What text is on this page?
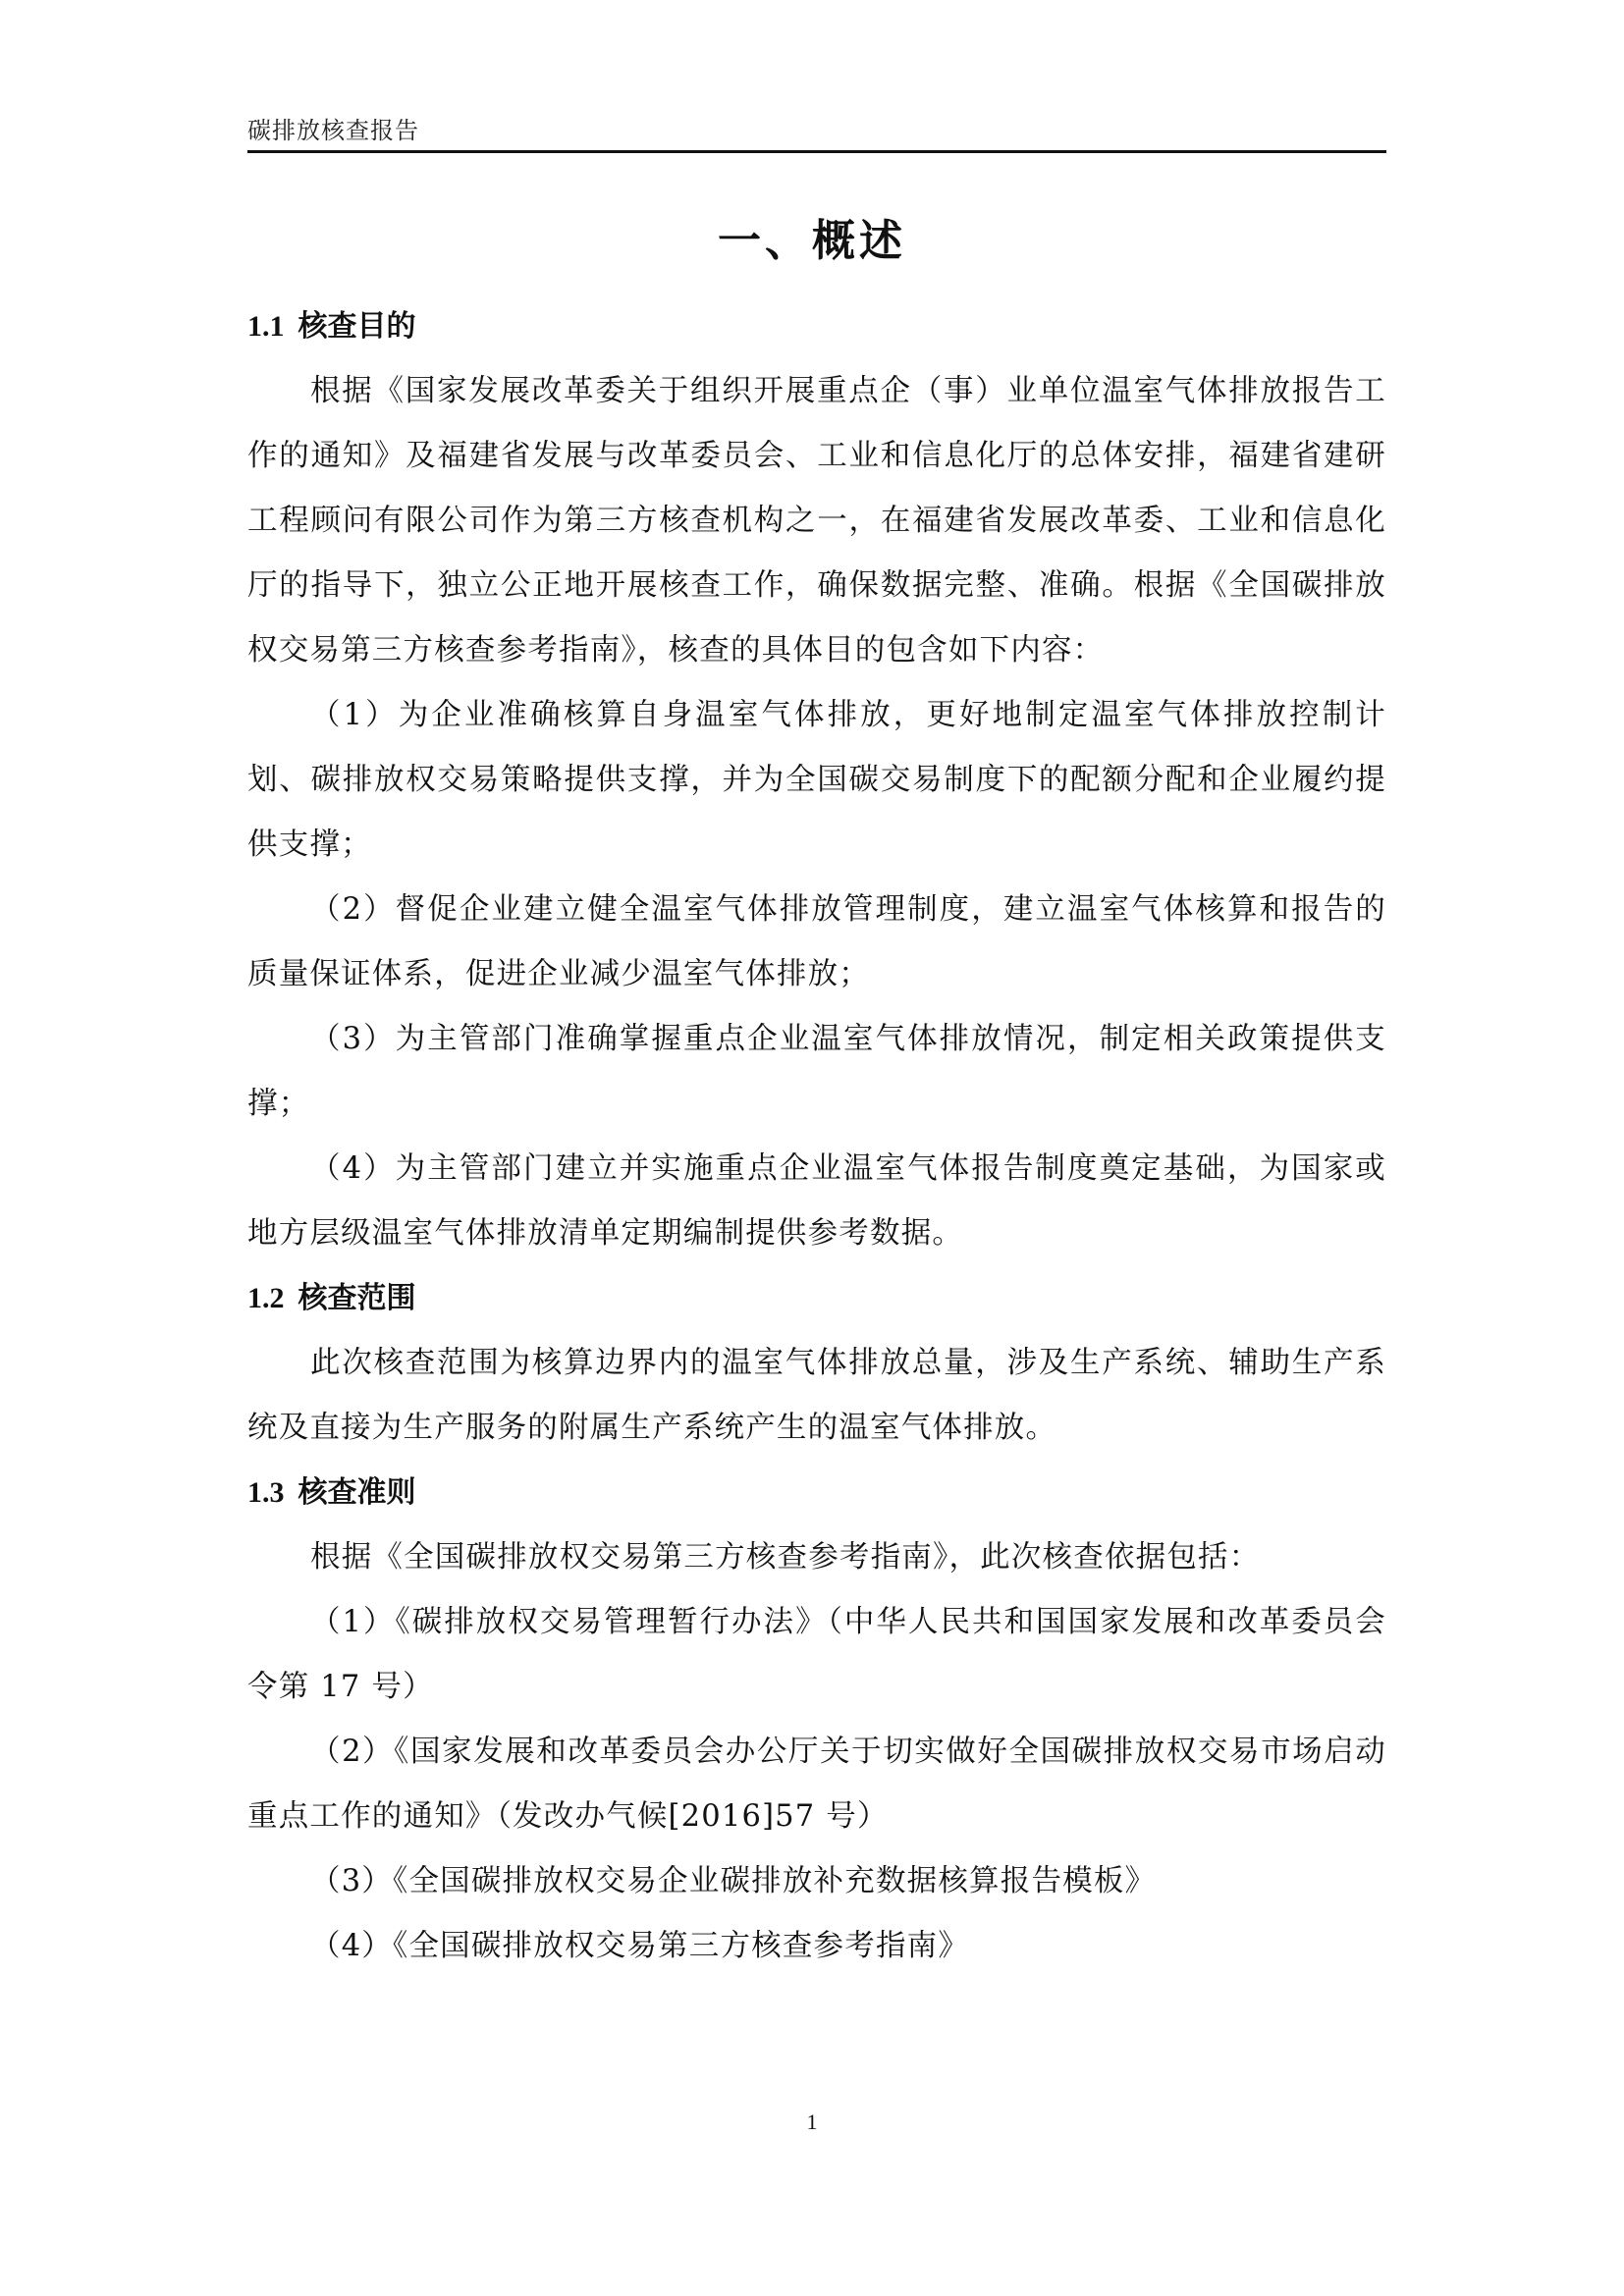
碳排放核查报告
一、概述

1.1 核查目的

根据《国家发展改革委关于组织开展重点企（事）业单位温室气体排放报告工作的通知》及福建省发展与改革委员会、工业和信息化厅的总体安排，福建省建研工程顾问有限公司作为第三方核查机构之一，在福建省发展改革委、工业和信息化厅的指导下，独立公正地开展核查工作，确保数据完整、准确。根据《全国碳排放权交易第三方核查参考指南》，核查的具体目的包含如下内容：

（1）为企业准确核算自身温室气体排放，更好地制定温室气体排放控制计划、碳排放权交易策略提供支撑，并为全国碳交易制度下的配额分配和企业履约提供支撑；

（2）督促企业建立健全温室气体排放管理制度，建立温室气体核算和报告的质量保证体系，促进企业减少温室气体排放；

（3）为主管部门准确掌握重点企业温室气体排放情况，制定相关政策提供支撑；

（4）为主管部门建立并实施重点企业温室气体报告制度奠定基础，为国家或地方层级温室气体排放清单定期编制提供参考数据。

1.2 核查范围

此次核查范围为核算边界内的温室气体排放总量，涉及生产系统、辅助生产系统及直接为生产服务的附属生产系统产生的温室气体排放。

1.3 核查准则

根据《全国碳排放权交易第三方核查参考指南》，此次核查依据包括：

（1）《碳排放权交易管理暂行办法》（中华人民共和国国家发展和改革委员会令第 17 号）

（2）《国家发展和改革委员会办公厅关于切实做好全国碳排放权交易市场启动重点工作的通知》（发改办气候[2016]57 号）

（3）《全国碳排放权交易企业碳排放补充数据核算报告模板》

（4）《全国碳排放权交易第三方核查参考指南》

1
